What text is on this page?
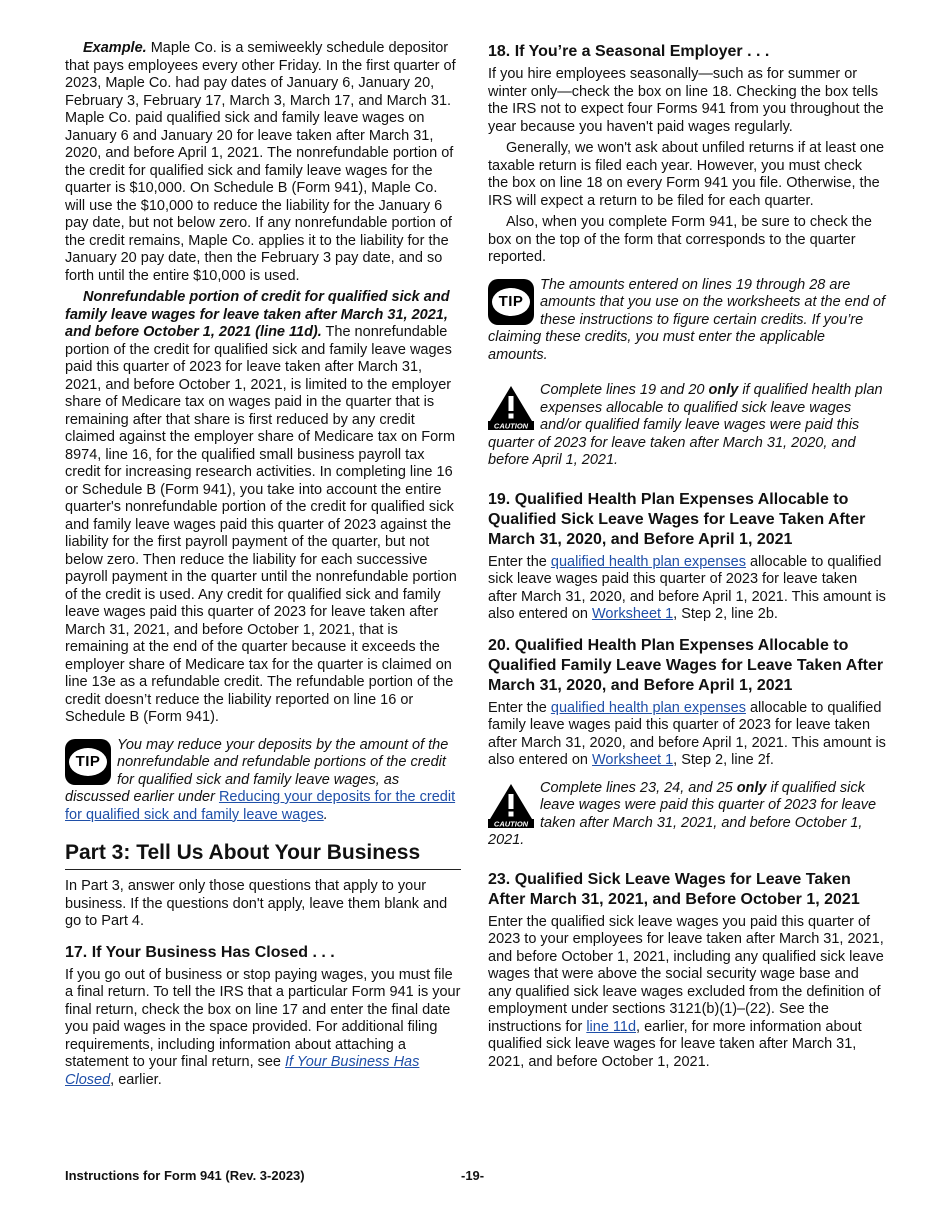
Example. Maple Co. is a semiweekly schedule depositor that pays employees every other Friday. In the first quarter of 2023, Maple Co. had pay dates of January 6, January 20, February 3, February 17, March 3, March 17, and March 31. Maple Co. paid qualified sick and family leave wages on January 6 and January 20 for leave taken after March 31, 2020, and before April 1, 2021. The nonrefundable portion of the credit for qualified sick and family leave wages for the quarter is $10,000. On Schedule B (Form 941), Maple Co. will use the $10,000 to reduce the liability for the January 6 pay date, but not below zero. If any nonrefundable portion of the credit remains, Maple Co. applies it to the liability for the January 20 pay date, then the February 3 pay date, and so forth until the entire $10,000 is used.

Nonrefundable portion of credit for qualified sick and family leave wages for leave taken after March 31, 2021, and before October 1, 2021 (line 11d). The nonrefundable portion of the credit for qualified sick and family leave wages paid this quarter of 2023 for leave taken after March 31, 2021, and before October 1, 2021, is limited to the employer share of Medicare tax on wages paid in the quarter that is remaining after that share is first reduced by any credit claimed against the employer share of Medicare tax on Form 8974, line 16, for the qualified small business payroll tax credit for increasing research activities. In completing line 16 or Schedule B (Form 941), you take into account the entire quarter's nonrefundable portion of the credit for qualified sick and family leave wages paid this quarter of 2023 against the liability for the first payroll payment of the quarter, but not below zero. Then reduce the liability for each successive payroll payment in the quarter until the nonrefundable portion of the credit is used. Any credit for qualified sick and family leave wages paid this quarter of 2023 for leave taken after March 31, 2021, and before October 1, 2021, that is remaining at the end of the quarter because it exceeds the employer share of Medicare tax for the quarter is claimed on line 13e as a refundable credit. The refundable portion of the credit doesn’t reduce the liability reported on line 16 or Schedule B (Form 941).

TIP
You may reduce your deposits by the amount of the nonrefundable and refundable portions of the credit for qualified sick and family leave wages, as discussed earlier under Reducing your deposits for the credit for qualified sick and family leave wages.
Part 3: Tell Us About Your Business

In Part 3, answer only those questions that apply to your business. If the questions don't apply, leave them blank and go to Part 4.

17. If Your Business Has Closed . . .

If you go out of business or stop paying wages, you must file a final return. To tell the IRS that a particular Form 941 is your final return, check the box on line 17 and enter the final date you paid wages in the space provided. For additional filing requirements, including information about attaching a statement to your final return, see If Your Business Has Closed, earlier.

18. If You’re a Seasonal Employer . . .

If you hire employees seasonally—such as for summer or winter only—check the box on line 18. Checking the box tells the IRS not to expect four Forms 941 from you throughout the year because you haven't paid wages regularly.

Generally, we won't ask about unfiled returns if at least one taxable return is filed each year. However, you must check the box on line 18 on every Form 941 you file. Otherwise, the IRS will expect a return to be filed for each quarter.

Also, when you complete Form 941, be sure to check the box on the top of the form that corresponds to the quarter reported.

TIP
The amounts entered on lines 19 through 28 are amounts that you use on the worksheets at the end of these instructions to figure certain credits. If you’re claiming these credits, you must enter the applicable amounts.
CAUTION
Complete lines 19 and 20 only if qualified health plan expenses allocable to qualified sick leave wages and/or qualified family leave wages were paid this quarter of 2023 for leave taken after March 31, 2020, and before April 1, 2021.
19. Qualified Health Plan Expenses Allocable to Qualified Sick Leave Wages for Leave Taken After March 31, 2020, and Before April 1, 2021

Enter the qualified health plan expenses allocable to qualified sick leave wages paid this quarter of 2023 for leave taken after March 31, 2020, and before April 1, 2021. This amount is also entered on Worksheet 1, Step 2, line 2b.

20. Qualified Health Plan Expenses Allocable to Qualified Family Leave Wages for Leave Taken After March 31, 2020, and Before April 1, 2021

Enter the qualified health plan expenses allocable to qualified family leave wages paid this quarter of 2023 for leave taken after March 31, 2020, and before April 1, 2021. This amount is also entered on Worksheet 1, Step 2, line 2f.

CAUTION
Complete lines 23, 24, and 25 only if qualified sick leave wages were paid this quarter of 2023 for leave taken after March 31, 2021, and before October 1, 2021.
23. Qualified Sick Leave Wages for Leave Taken After March 31, 2021, and Before October 1, 2021

Enter the qualified sick leave wages you paid this quarter of 2023 to your employees for leave taken after March 31, 2021, and before October 1, 2021, including any qualified sick leave wages that were above the social security wage base and any qualified sick leave wages excluded from the definition of employment under sections 3121(b)(1)–(22). See the instructions for line 11d, earlier, for more information about qualified sick leave wages for leave taken after March 31, 2021, and before October 1, 2021.

Instructions for Form 941 (Rev. 3-2023)	-19-
